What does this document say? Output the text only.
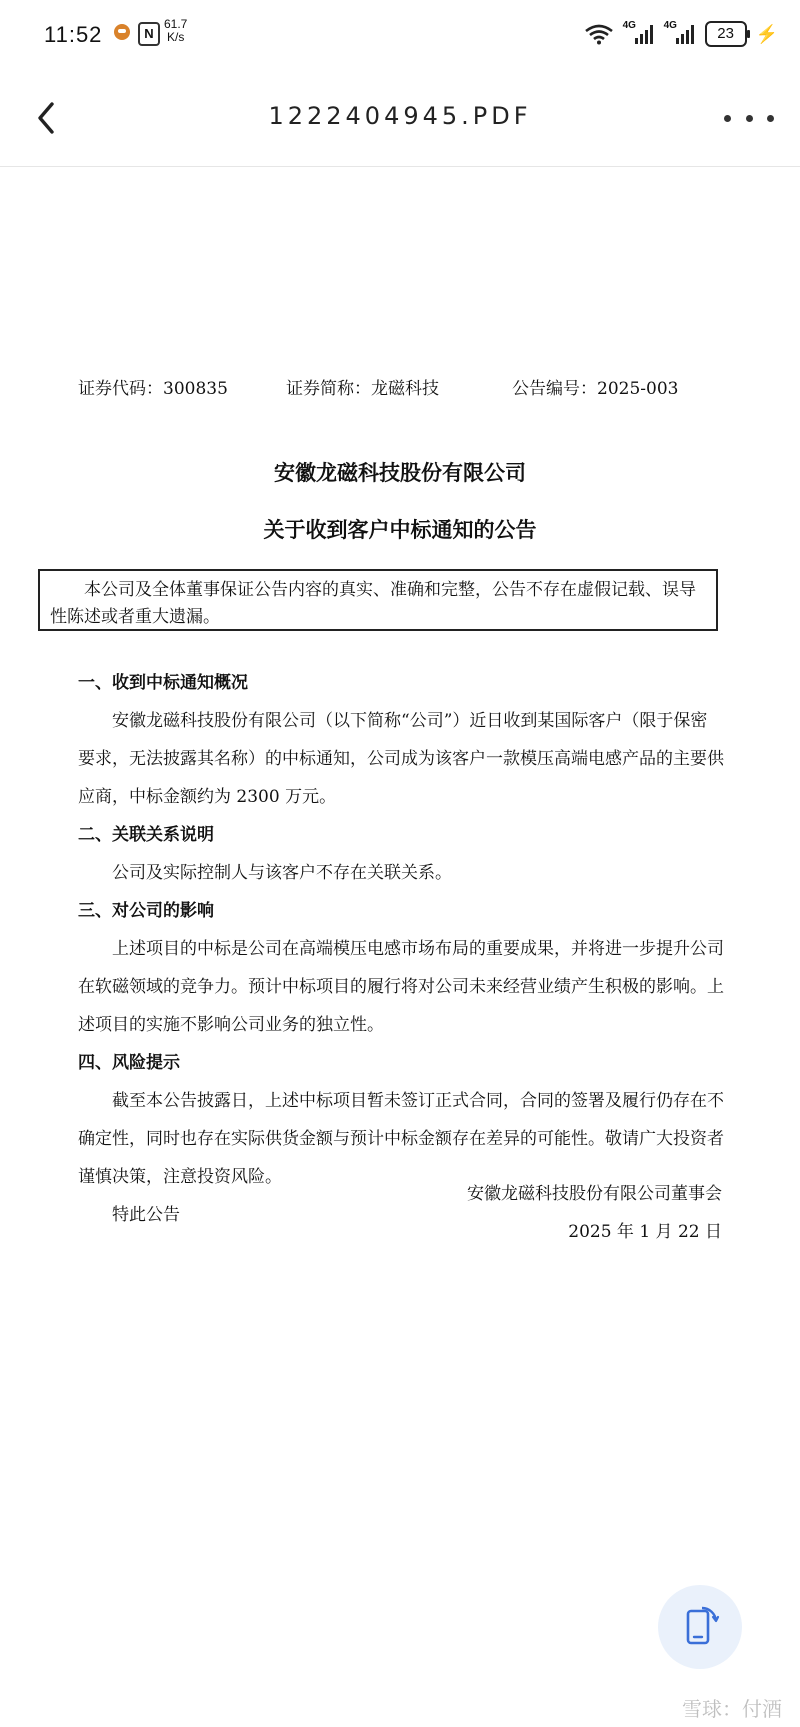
11:52	N
61.7
K/s
4G	4G	23	⚡
1222404945.PDF
证券代码：300835	证券简称：龙磁科技	公告编号：2025-003
安徽龙磁科技股份有限公司
关于收到客户中标通知的公告
本公司及全体董事保证公告内容的真实、准确和完整，公告不存在虚假记载、误导性陈述或者重大遗漏。
一、收到中标通知概况
安徽龙磁科技股份有限公司（以下简称“公司”）近日收到某国际客户（限于保密要求，无法披露其名称）的中标通知，公司成为该客户一款模压高端电感产品的主要供应商，中标金额约为 2300 万元。
二、关联关系说明
公司及实际控制人与该客户不存在关联关系。
三、对公司的影响
上述项目的中标是公司在高端模压电感市场布局的重要成果，并将进一步提升公司在软磁领域的竞争力。预计中标项目的履行将对公司未来经营业绩产生积极的影响。上述项目的实施不影响公司业务的独立性。
四、风险提示
截至本公告披露日，上述中标项目暂未签订正式合同，合同的签署及履行仍存在不确定性，同时也存在实际供货金额与预计中标金额存在差异的可能性。敬请广大投资者谨慎决策，注意投资风险。
特此公告
安徽龙磁科技股份有限公司董事会
2025 年 1 月 22 日
雪球：付酒
